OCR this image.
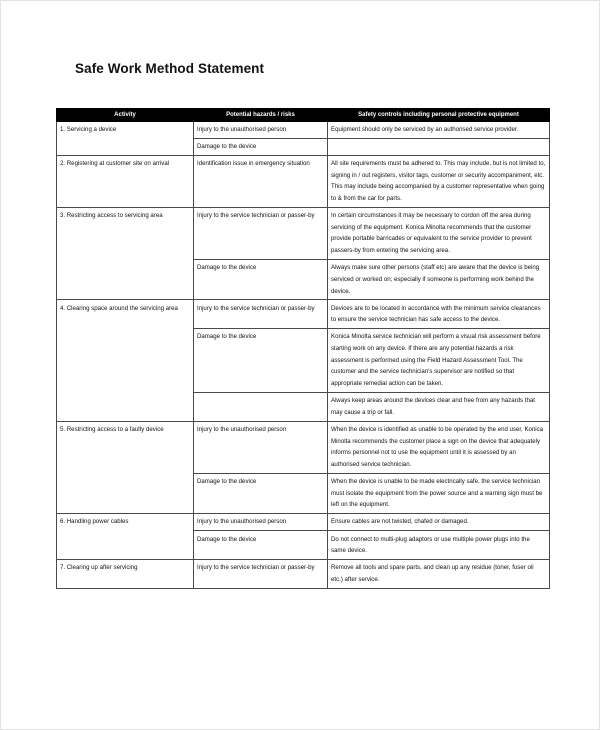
Safe Work Method Statement
Activity	Potential hazards / risks	Safety controls including personal protective equipment
1. Servicing a device	Injury to the unauthorised person	Equipment should only be serviced by an authorised service provider.
	Damage to the device	
2. Registering at customer site on arrival	Identification issue in emergency situation	All site requirements must be adhered to. This may include, but is not limited to, signing in / out registers, visitor tags, customer or security accompaniment, etc. This may include being accompanied by a customer representative when going to & from the car for parts.
3. Restricting access to servicing area	Injury to the service technician or passer-by	In certain circumstances it may be necessary to cordon off the area during servicing of the equipment. Konica Minolta recommends that the customer provide portable barricades or equivalent to the service provider to prevent passers-by from entering the servicing area.
	Damage to the device	Always make sure other persons (staff etc) are aware that the device is being serviced or worked on; especially if someone is performing work behind the device.
4. Clearing space around the servicing area	Injury to the service technician or passer-by	Devices are to be located in accordance with the minimum service clearances to ensure the service technician has safe access to the device.
	Damage to the device	Konica Minolta service technician will perform a visual risk assessment before starting work on any device. If there are any potential hazards a risk assessment is performed using the Field Hazard Assessment Tool. The customer and the service technician's supervisor are notified so that appropriate remedial action can be taken.
		Always keep areas around the devices clear and free from any hazards that may cause a trip or fall.
5. Restricting access to a faulty device	Injury to the unauthorised person	When the device is identified as unable to be operated by the end user, Konica Minolta recommends the customer place a sign on the device that adequately informs personnel not to use the equipment until it is assessed by an authorised service technician.
	Damage to the device	When the device is unable to be made electrically safe, the service technician must isolate the equipment from the power source and a warning sign must be left on the equipment.
6. Handling power cables	Injury to the unauthorised person	Ensure cables are not twisted, chafed or damaged.
	Damage to the device	Do not connect to multi-plug adaptors or use multiple power plugs into the same device.
7. Clearing up after servicing	Injury to the service technician or passer-by	Remove all tools and spare parts, and clean up any residue (toner, fuser oil etc.) after service.
